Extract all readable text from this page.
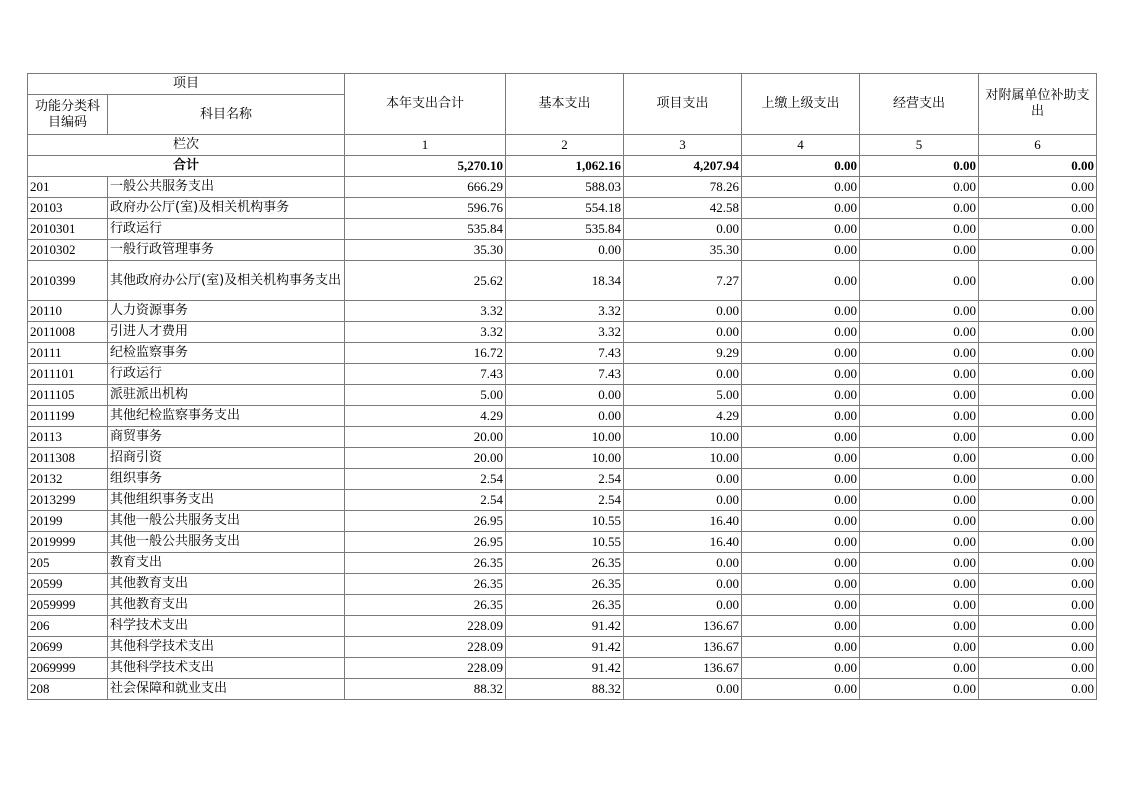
项目		本年支出合计	基本支出	项目支出	上缴上级支出	经营支出	对附属单位补助支出
功能分类科目编码	科目名称						
栏次		1	2	3	4	5	6
合计		5,270.10	1,062.16	4,207.94	0.00	0.00	0.00
201	一般公共服务支出	666.29	588.03	78.26	0.00	0.00	0.00
20103	政府办公厅(室)及相关机构事务	596.76	554.18	42.58	0.00	0.00	0.00
2010301	行政运行	535.84	535.84	0.00	0.00	0.00	0.00
2010302	一般行政管理事务	35.30	0.00	35.30	0.00	0.00	0.00
2010399	其他政府办公厅(室)及相关机构事务支出	25.62	18.34	7.27	0.00	0.00	0.00
20110	人力资源事务	3.32	3.32	0.00	0.00	0.00	0.00
2011008	引进人才费用	3.32	3.32	0.00	0.00	0.00	0.00
20111	纪检监察事务	16.72	7.43	9.29	0.00	0.00	0.00
2011101	行政运行	7.43	7.43	0.00	0.00	0.00	0.00
2011105	派驻派出机构	5.00	0.00	5.00	0.00	0.00	0.00
2011199	其他纪检监察事务支出	4.29	0.00	4.29	0.00	0.00	0.00
20113	商贸事务	20.00	10.00	10.00	0.00	0.00	0.00
2011308	招商引资	20.00	10.00	10.00	0.00	0.00	0.00
20132	组织事务	2.54	2.54	0.00	0.00	0.00	0.00
2013299	其他组织事务支出	2.54	2.54	0.00	0.00	0.00	0.00
20199	其他一般公共服务支出	26.95	10.55	16.40	0.00	0.00	0.00
2019999	其他一般公共服务支出	26.95	10.55	16.40	0.00	0.00	0.00
205	教育支出	26.35	26.35	0.00	0.00	0.00	0.00
20599	其他教育支出	26.35	26.35	0.00	0.00	0.00	0.00
2059999	其他教育支出	26.35	26.35	0.00	0.00	0.00	0.00
206	科学技术支出	228.09	91.42	136.67	0.00	0.00	0.00
20699	其他科学技术支出	228.09	91.42	136.67	0.00	0.00	0.00
2069999	其他科学技术支出	228.09	91.42	136.67	0.00	0.00	0.00
208	社会保障和就业支出	88.32	88.32	0.00	0.00	0.00	0.00
